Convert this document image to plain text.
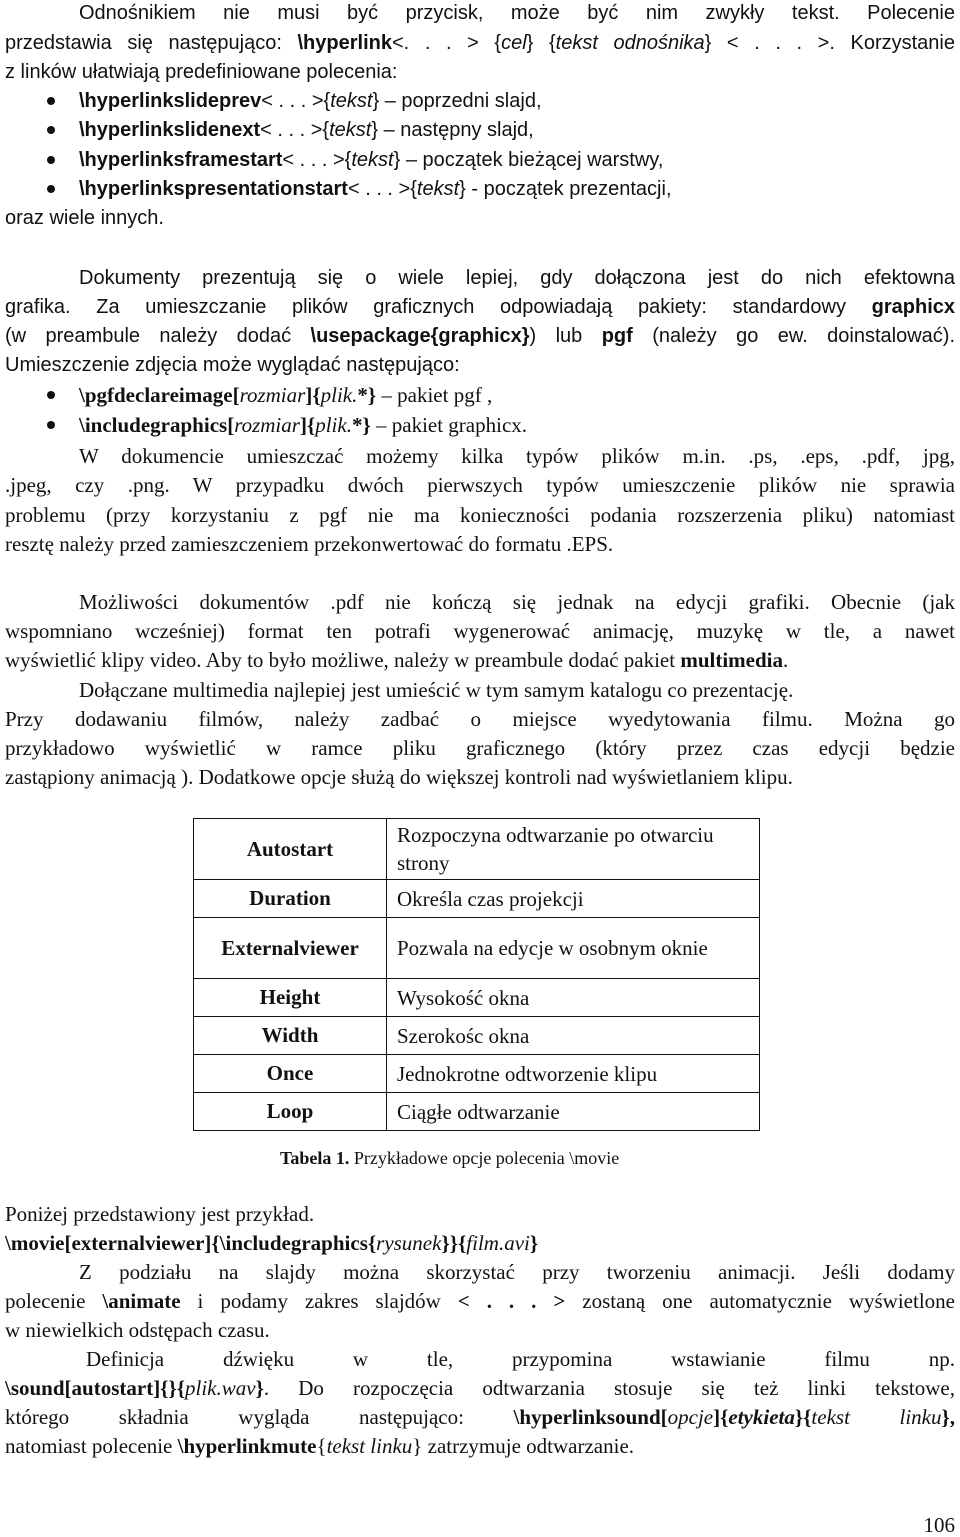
Odnośnikiem nie musi być przycisk, może być nim zwykły tekst. Polecenie
przedstawia się następująco: \hyperlink<. . . > {cel} {tekst odnośnika} < . . . >. Korzystanie
z linków ułatwiają predefiniowane polecenia:
\hyperlinkslideprev< . . . >{tekst} – poprzedni slajd,
\hyperlinkslidenext< . . . >{tekst} – następny slajd,
\hyperlinksframestart< . . . >{tekst} – początek bieżącej warstwy,
\hyperlinkspresentationstart< . . . >{tekst} - początek prezentacji,
oraz wiele innych.
Dokumenty prezentują się o wiele lepiej, gdy dołączona jest do nich efektowna
grafika. Za umieszczanie plików graficznych odpowiadają pakiety: standardowy graphicx
(w preambule należy dodać \usepackage{graphicx}) lub pgf (należy go ew. doinstalować).
Umieszczenie zdjęcia może wyglądać następująco:
\pgfdeclareimage[rozmiar]{plik.*} – pakiet pgf ,
\includegraphics[rozmiar]{plik.*} – pakiet graphicx.
W dokumencie umieszczać możemy kilka typów plików m.in. .ps, .eps, .pdf, jpg,
.jpeg, czy .png. W przypadku dwóch pierwszych typów umieszczenie plików nie sprawia
problemu (przy korzystaniu z pgf nie ma konieczności podania rozszerzenia pliku) natomiast
resztę należy przed zamieszczeniem przekonwertować do formatu .EPS.
Możliwości dokumentów .pdf nie kończą się jednak na edycji grafiki. Obecnie (jak
wspomniano wcześniej) format ten potrafi wygenerować animację, muzykę w tle, a nawet
wyświetlić klipy video. Aby to było możliwe, należy w preambule dodać pakiet multimedia.
Dołączane multimedia najlepiej jest umieścić w tym samym katalogu co prezentację.
Przy dodawaniu filmów, należy zadbać o miejsce wyedytowania filmu. Można go
przykładowo wyświetlić w ramce pliku graficznego (który przez czas edycji będzie
zastąpiony animacją ). Dodatkowe opcje służą do większej kontroli nad wyświetlaniem klipu.
Autostart	Rozpoczyna odtwarzanie po otwarciu strony
Duration	Określa czas projekcji
Externalviewer	Pozwala na edycje w osobnym oknie
Height	Wysokość okna
Width	Szerokośc okna
Once	Jednokrotne odtworzenie klipu
Loop	Ciągłe odtwarzanie
Tabela 1. Przykładowe opcje polecenia \movie
Poniżej przedstawiony jest przykład.
\movie[externalviewer]{\includegraphics{rysunek}}{film.avi}
Z podziału na slajdy można skorzystać przy tworzeniu animacji. Jeśli dodamy
polecenie \animate i podamy zakres slajdów < . . . > zostaną one automatycznie wyświetlone
w niewielkich odstępach czasu.
Definicja dźwięku w tle, przypomina wstawianie filmu np.
\sound[autostart]{}{plik.wav}. Do rozpoczęcia odtwarzania stosuje się też linki tekstowe,
którego składnia wygląda następująco: \hyperlinksound[opcje]{etykieta}{tekst linku},
natomiast polecenie \hyperlinkmute{tekst linku} zatrzymuje odtwarzanie.
106
